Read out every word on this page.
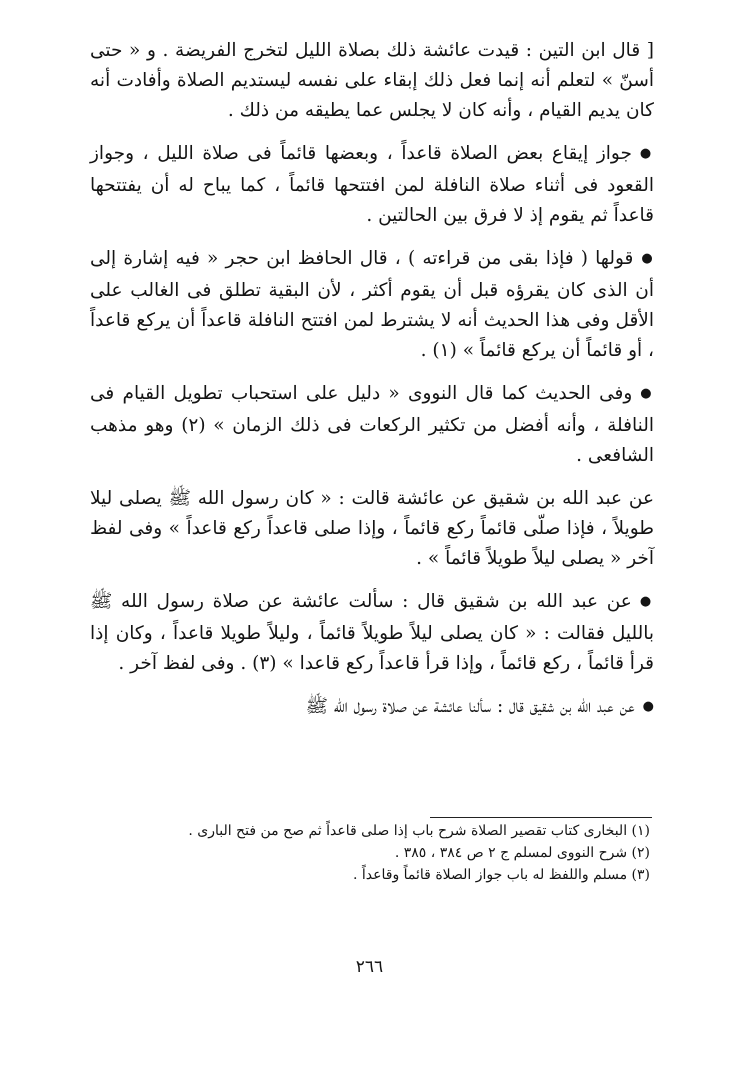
[ قال ابن التين : قيدت عائشة ذلك بصلاة الليل لتخرج الفريضة . و « حتى أسنّ » لتعلم أنه إنما فعل ذلك إبقاء على نفسه ليستديم الصلاة وأفادت أنه كان يديم القيام ، وأنه كان لا يجلس عما يطيقه من ذلك .

●جواز إيقاع بعض الصلاة قاعداً ، وبعضها قائماً فى صلاة الليل ، وجواز القعود فى أثناء صلاة النافلة لمن افتتحها قائماً ، كما يباح له أن يفتتحها قاعداً ثم يقوم إذ لا فرق بين الحالتين .

●قولها ( فإذا بقى من قراءته ) ، قال الحافظ ابن حجر « فيه إشارة إلى أن الذى كان يقرؤه قبل أن يقوم أكثر ، لأن البقية تطلق فى الغالب على الأقل وفى هذا الحديث أنه لا يشترط لمن افتتح النافلة قاعداً أن يركع قاعداً ، أو قائماً أن يركع قائماً » (١) .

●وفى الحديث كما قال النووى « دليل على استحباب تطويل القيام فى النافلة ، وأنه أفضل من تكثير الركعات فى ذلك الزمان » (٢) وهو مذهب الشافعى .

عن عبد الله بن شقيق عن عائشة قالت : « كان رسول الله ﷺ يصلى ليلا طويلاً ، فإذا صلّى قائماً ركع قائماً ، وإذا صلى قاعداً ركع قاعداً » وفى لفظ آخر « يصلى ليلاً طويلاً قائماً » .

●عن عبد الله بن شقيق قال : سألت عائشة عن صلاة رسول الله ﷺ بالليل فقالت : « كان يصلى ليلاً طويلاً قائماً ، وليلاً طويلا قاعداً ، وكان إذا قرأ قائماً ، ركع قائماً ، وإذا قرأ قاعداً ركع قاعدا » (٣) . وفى لفظ آخر .

●عن عبد الله بن شقيق قال : سألنا عائشة عن صلاة رسول الله ﷺ

(١) البخارى كتاب تقصير الصلاة شرح باب إذا صلى قاعداً ثم صح من فتح البارى .

(٢) شرح النووى لمسلم ج ٢ ص ٣٨٤ ، ٣٨٥ .

(٣) مسلم واللفظ له باب جواز الصلاة قائماً وقاعداً .

٢٦٦
